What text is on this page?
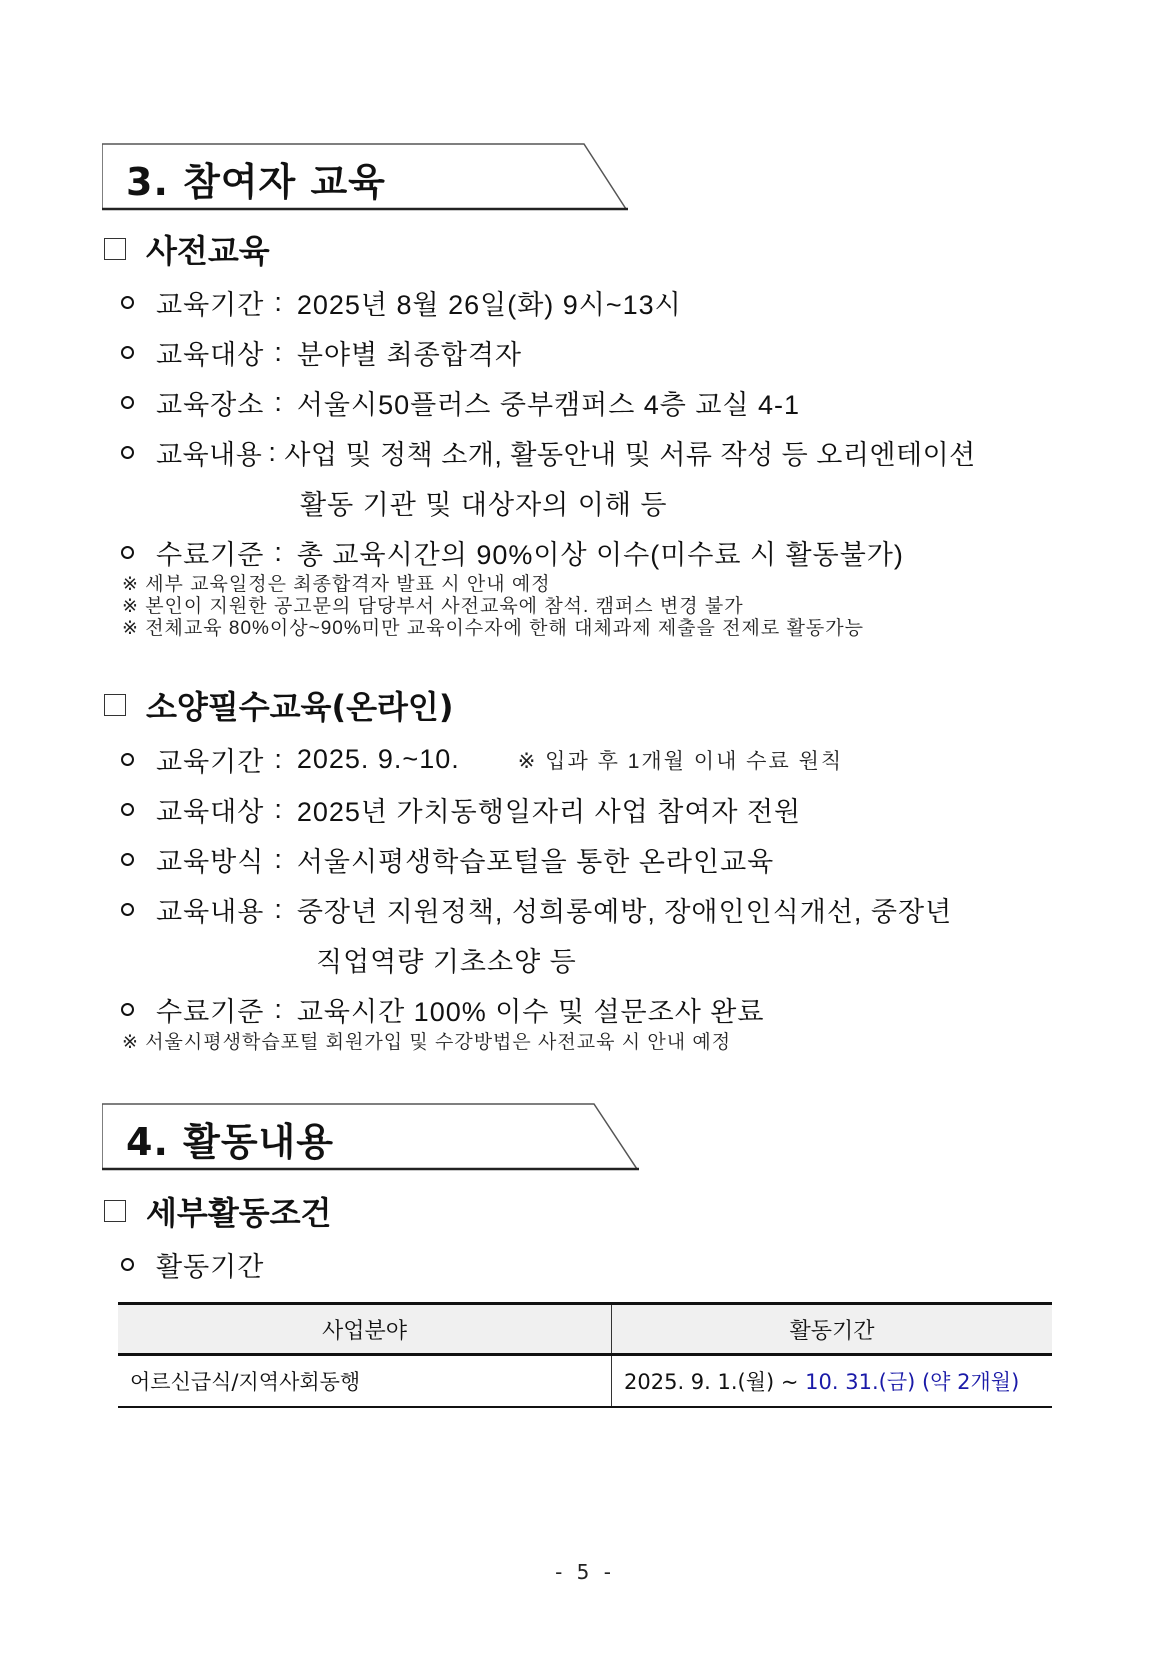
3. 참여자 교육
사전교육
교육기간 : 2025년 8월 26일(화) 9시~13시
교육대상 : 분야별 최종합격자
교육장소 : 서울시50플러스 중부캠퍼스 4층 교실 4-1
교육내용 : 사업 및 정책 소개, 활동안내 및 서류 작성 등 오리엔테이션
활동 기관 및 대상자의 이해 등
수료기준 : 총 교육시간의 90%이상 이수(미수료 시 활동불가)
※ 세부 교육일정은 최종합격자 발표 시 안내 예정
※ 본인이 지원한 공고문의 담당부서 사전교육에 참석. 캠퍼스 변경 불가
※ 전체교육 80%이상~90%미만 교육이수자에 한해 대체과제 제출을 전제로 활동가능
소양필수교육(온라인)
교육기간 : 2025. 9.~10.	※ 입과 후 1개월 이내 수료 원칙
교육대상 : 2025년 가치동행일자리 사업 참여자 전원
교육방식 : 서울시평생학습포털을 통한 온라인교육
교육내용 : 중장년 지원정책, 성희롱예방, 장애인인식개선, 중장년
직업역량 기초소양 등
수료기준 : 교육시간 100% 이수 및 설문조사 완료
※ 서울시평생학습포털 회원가입 및 수강방법은 사전교육 시 안내 예정
4. 활동내용
세부활동조건
활동기간
사업분야	활동기간
어르신급식/지역사회동행	2025. 9. 1.(월) ~ 10. 31.(금) (약 2개월)
- 5 -
